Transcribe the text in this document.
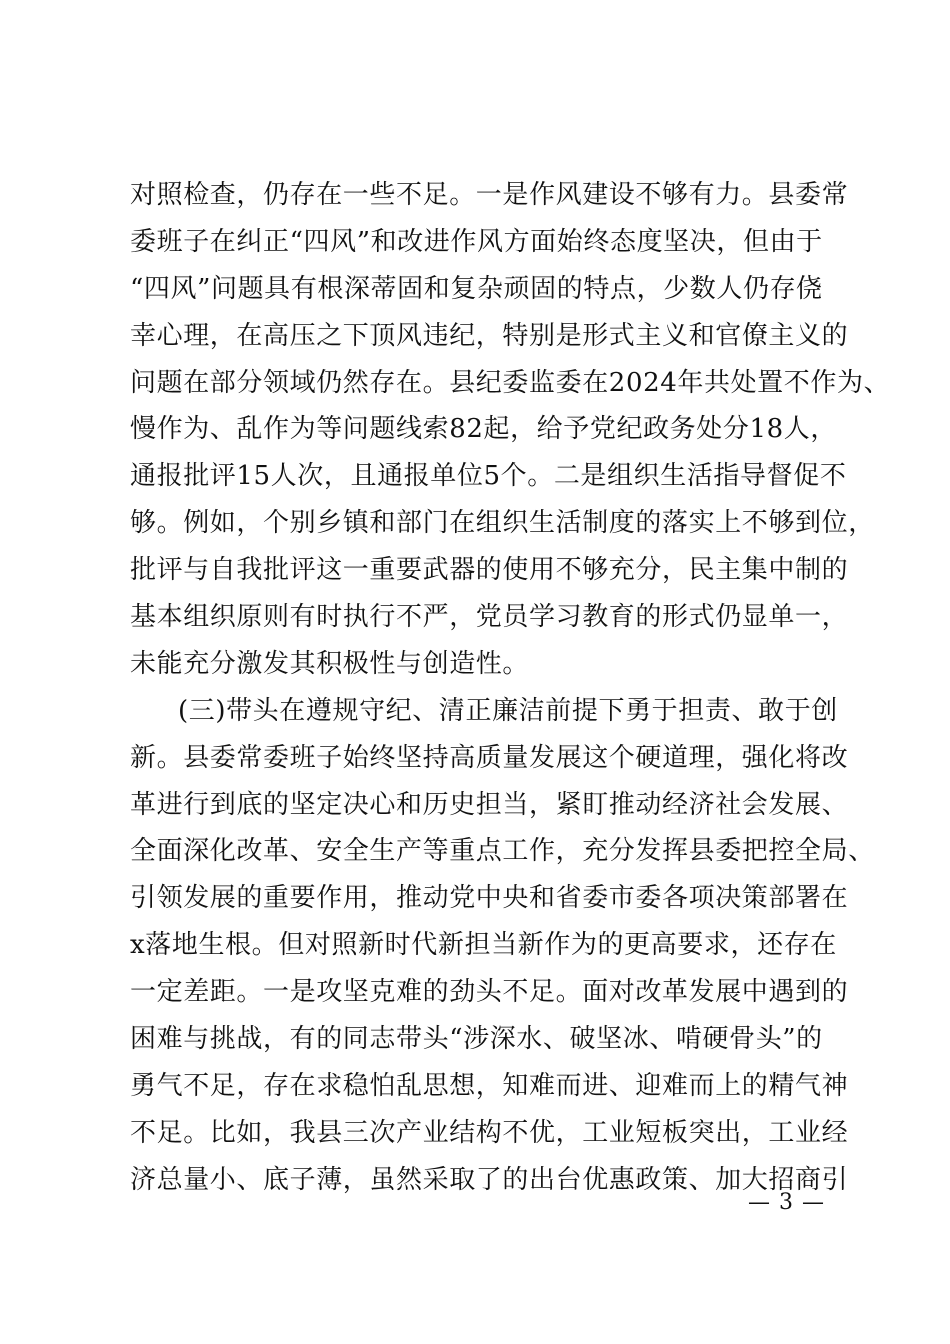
对照检查，仍存在一些不足。一是作风建设不够有力。县委常
委班子在纠正“四风”和改进作风方面始终态度坚决，但由于
“四风”问题具有根深蒂固和复杂顽固的特点，少数人仍存侥
幸心理，在高压之下顶风违纪，特别是形式主义和官僚主义的
问题在部分领域仍然存在。县纪委监委在2024年共处置不作为、
慢作为、乱作为等问题线索82起，给予党纪政务处分18人，
通报批评15人次，且通报单位5个。二是组织生活指导督促不
够。例如，个别乡镇和部门在组织生活制度的落实上不够到位，
批评与自我批评这一重要武器的使用不够充分，民主集中制的
基本组织原则有时执行不严，党员学习教育的形式仍显单一，
未能充分激发其积极性与创造性。
(三)带头在遵规守纪、清正廉洁前提下勇于担责、敢于创
新。县委常委班子始终坚持高质量发展这个硬道理，强化将改
革进行到底的坚定决心和历史担当，紧盯推动经济社会发展、
全面深化改革、安全生产等重点工作，充分发挥县委把控全局、
引领发展的重要作用，推动党中央和省委市委各项决策部署在
x落地生根。但对照新时代新担当新作为的更高要求，还存在
一定差距。一是攻坚克难的劲头不足。面对改革发展中遇到的
困难与挑战，有的同志带头“涉深水、破坚冰、啃硬骨头”的
勇气不足，存在求稳怕乱思想，知难而进、迎难而上的精气神
不足。比如，我县三次产业结构不优，工业短板突出，工业经
济总量小、底子薄，虽然采取了的出台优惠政策、加大招商引
— 3 —
